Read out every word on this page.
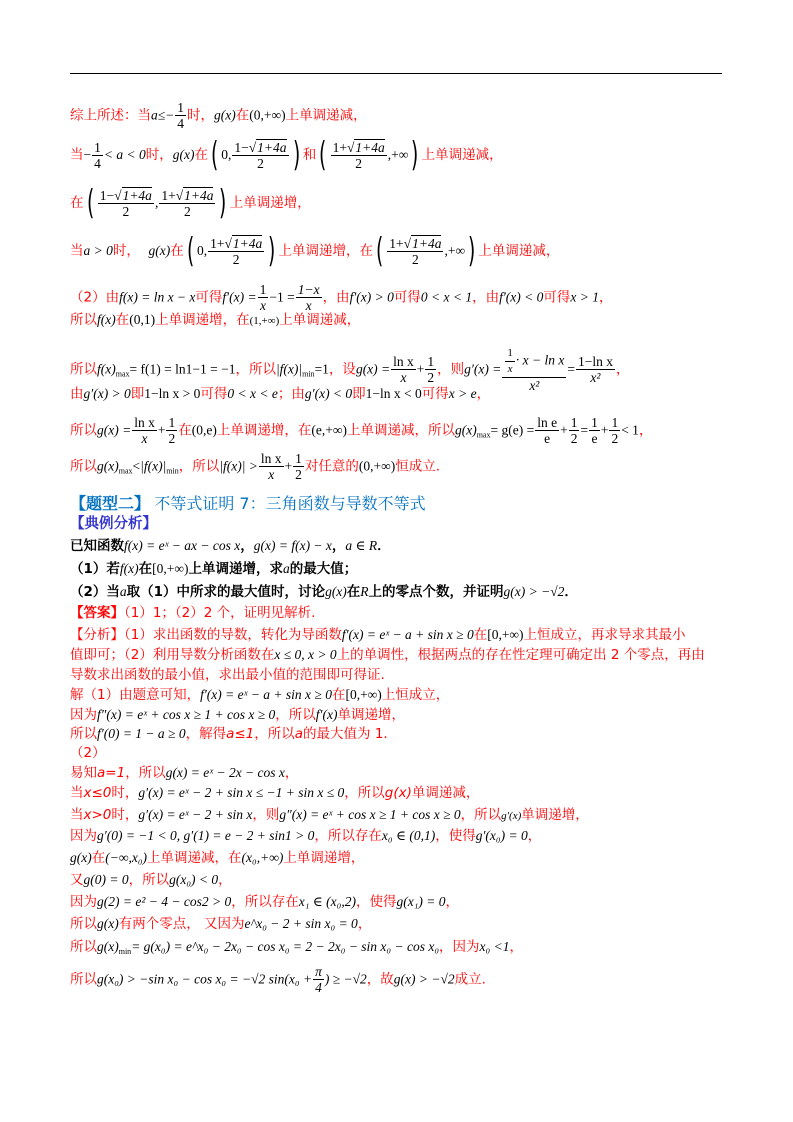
综上所述：当$a\le- \frac{1}{4}$ 时，g(x)在(0,+∞)上单调递减，
当− $\frac{1}{4} < a < 0$时，g(x)在( 0, $\frac{1-√1+4a}{2}$ ) 和( $\frac{1+√1+4a}{2}$ ,+∞) 上单调递减，
在( $\frac{1-√1+4a}{2}$ , $\frac{1+√1+4a}{2}$ ) 上单调递增，
当a > 0时， g(x)在( 0, $\frac{1+√1+4a}{2}$ ) 上单调递增，在( $\frac{1+√1+4a}{2}$ ,+∞) 上单调递减，
（2）由f(x) = ln x − x可得$f'(x) = \frac{1}{x} -1 = \frac{1-x}{x}$ ，由f′(x) > 0可得0 < x < 1，由f′(x) < 0可得x > 1，
所以f(x)在(0,1)上单调递增，在(1,+∞)上单调递减，
所以$f(x)_{max}= f(1) = \ln 1-1 = -1$，所以$|f(x)|_{min}=1$，设$g(x) = \frac{\text{ln x}}{x} + \frac{1}{2}$ ，则$g'(x) = \frac{\frac{1}{x} \cdot x - \ln x}{\text{x²}} = \frac{\text{1−ln x}}{\text{x²}}$ ，
由g′(x) > 0即1−ln x > 0可得0 < x < e；由g′(x) < 0即1−ln x < 0可得x > e，
所以$g(x) = \frac{\text{ln x}}{x} + \frac{1}{2}$ 在(0,e)上单调递增，在(e,+∞)上单调递减，所以$g(x)_{max}= g(e) = \frac{\text{ln e}}{e} + \frac{1}{2} = \frac{1}{e} + \frac{1}{2} < 1$，
所以$g(x)_{max}<|f(x)|_{min}$，所以$|f(x)| > \frac{\text{ln x}}{x} + \frac{1}{2}$ 对任意的(0,+∞)恒成立.
【题型二】 不等式证明 7：三角函数与导数不等式
【典例分析】
已知函数f(x) = eˣ − ax − cos x，g(x) = f(x) − x，a ∈ R．
（1）若f(x)在[0,+∞)上单调递增，求a的最大值；
（2）当a取（1）中所求的最大值时，讨论g(x)在R上的零点个数，并证明g(x) > −√2．
【答案】（1）1；（2）2 个，证明见解析.
【分析】（1）求出函数的导数，转化为导函数f′(x) = eˣ − a + sin x ≥ 0在[0,+∞)上恒成立，再求导求其最小
值即可；（2）利用导数分析函数在x ≤ 0, x > 0上的单调性，根据两点的存在性定理可确定出 2 个零点，再由
导数求出函数的最小值，求出最小值的范围即可得证.
解（1）由题意可知，f′(x) = eˣ − a + sin x ≥ 0在[0,+∞)上恒成立，
因为f″(x) = eˣ + cos x ≥ 1 + cos x ≥ 0，所以f′(x)单调递增，
所以f′(0) = 1 − a ≥ 0，解得a≤1，所以a的最大值为 1.
（2）
易知a=1，所以g(x) = eˣ − 2x − cos x，
当x≤0时，g′(x) = eˣ − 2 + sin x ≤ −1 + sin x ≤ 0，所以g(x)单调递减，
当x>0时，g′(x) = eˣ − 2 + sin x，则g″(x) = eˣ + cos x ≥ 1 + cos x ≥ 0，所以g′(x)单调递增，
因为g′(0) = −1 < 0, g′(1) = e − 2 + sin1 > 0，所以存在x₀ ∈ (0,1)，使得g′(x₀) = 0，
g(x)在(−∞,x₀)上单调递减，在(x₀,+∞)上单调递增，
又g(0) = 0，所以g(x₀) < 0，
因为g(2) = e² − 4 − cos2 > 0，所以存在x₁ ∈ (x₀,2)，使得g(x₁) = 0，
所以g(x)有两个零点， 又因为e^x₀ − 2 + sin x₀ = 0，
所以$g(x)_{min}= g(x_0)$ = e^x₀ − 2x₀ − cos x₀ = 2 − 2x₀ − sin x₀ − cos x₀，因为x₀ <1，
所以g(x₀) > −sin x₀ − cos x₀ = −√2 $\sin(x_0 + \frac{\pi}{4}$ ) ≥ −√2，故g(x) > −√2成立.
